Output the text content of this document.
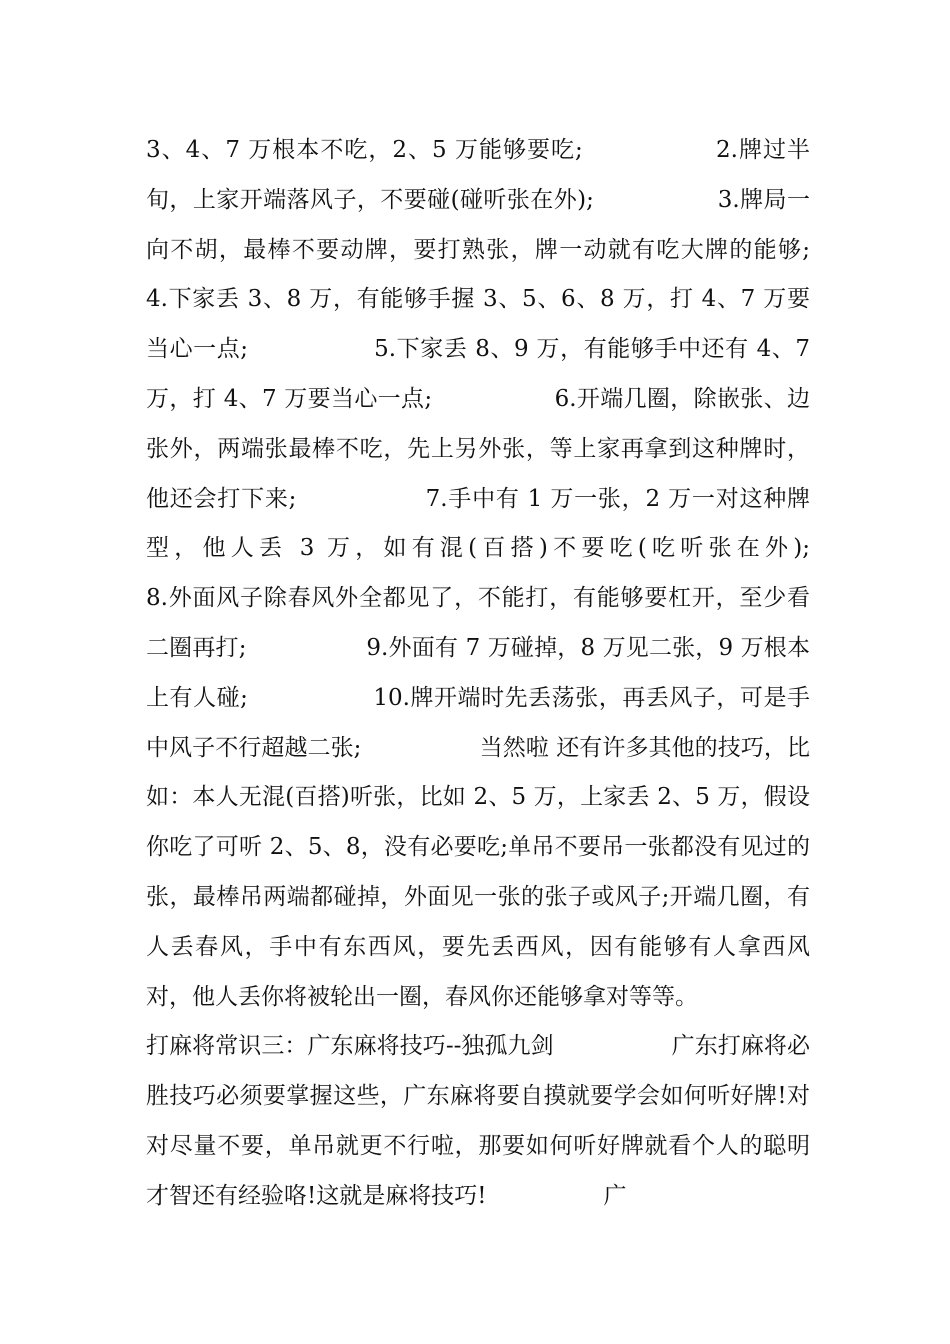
3、4、7 万根本不吃，2、5 万能够要吃;                2.牌过半旬，上家开端落风子，不要碰(碰听张在外);                3.牌局一向不胡，最棒不要动牌，要打熟张，牌一动就有吃大牌的能够;                4.下家丢 3、8 万，有能够手握 3、5、6、8 万，打 4、7 万要当心一点;                5.下家丢 8、9 万，有能够手中还有 4、7 万，打 4、7 万要当心一点;                6.开端几圈，除嵌张、边张外，两端张最棒不吃，先上另外张，等上家再拿到这种牌时，他还会打下来;                7.手中有 1 万一张，2 万一对这种牌型，他人丢 3 万，如有混(百搭)不要吃(吃听张在外);                8.外面风子除春风外全都见了，不能打，有能够要杠开，至少看二圈再打;                9.外面有 7 万碰掉，8 万见二张，9 万根本上有人碰;                10.牌开端时先丢荡张，再丢风子，可是手中风子不行超越二张;                当然啦 还有许多其他的技巧，比如：本人无混(百搭)听张，比如 2、5 万，上家丢 2、5 万，假设你吃了可听 2、5、8，没有必要吃;单吊不要吊一张都没有见过的张，最棒吊两端都碰掉，外面见一张的张子或风子;开端几圈，有人丢春风，手中有东西风，要先丢西风，因有能够有人拿西风对，他人丢你将被轮出一圈，春风你还能够拿对等等。

打麻将常识三：广东麻将技巧--独孤九剑                广东打麻将必胜技巧必须要掌握这些，广东麻将要自摸就要学会如何听好牌!对对尽量不要，单吊就更不行啦，那要如何听好牌就看个人的聪明才智还有经验咯!这就是麻将技巧!                广
